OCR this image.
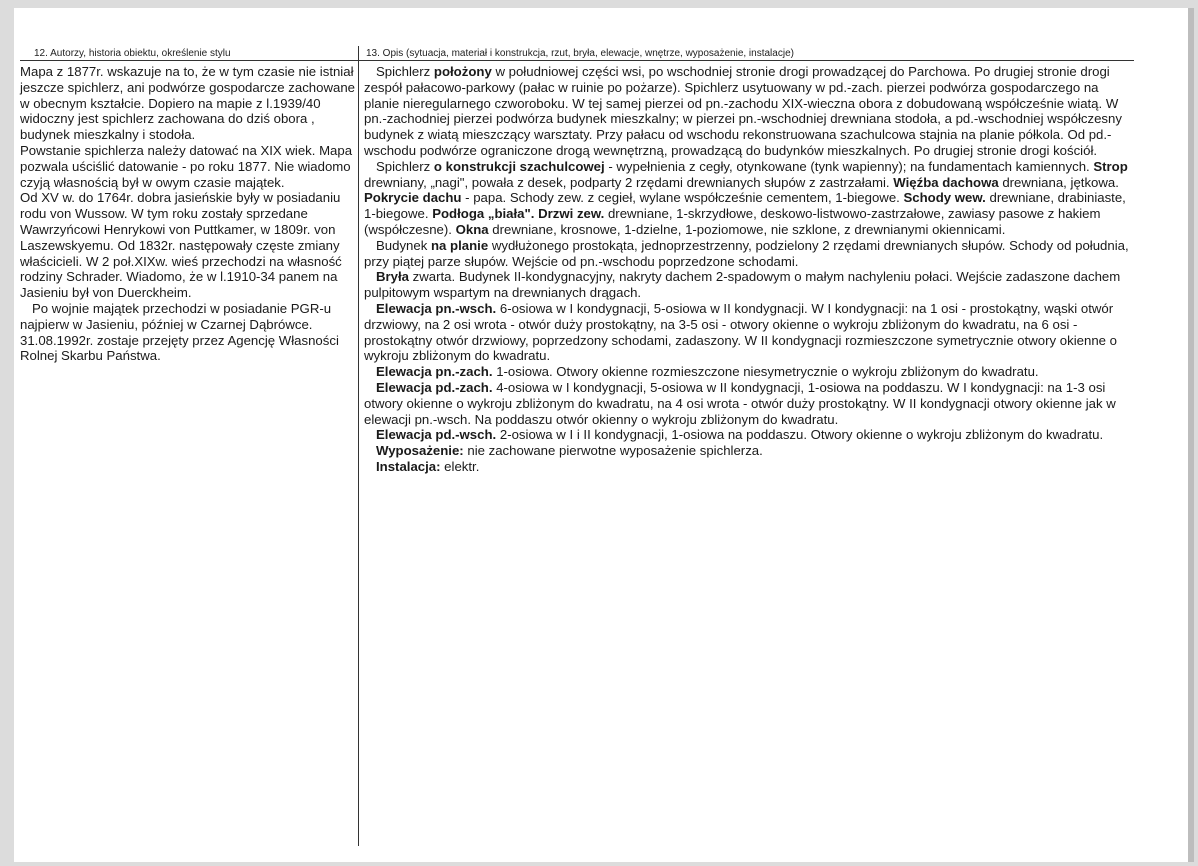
12. Autorzy, historia obiektu, określenie stylu	13. Opis (sytuacja, materiał i konstrukcja, rzut, bryła, elewacje, wnętrze, wyposażenie, instalacje)

Mapa z 1877r. wskazuje na to, że w tym czasie nie istniał jeszcze spichlerz, ani podwórze gospodarcze zachowane w obecnym kształcie. Dopiero na mapie z l.1939/40 widoczny jest spichlerz zachowana do dziś obora , budynek mieszkalny i stodoła.

Powstanie spichlerza należy datować na XIX wiek. Mapa pozwala uściślić datowanie - po roku 1877. Nie wiadomo czyją własnością był w owym czasie majątek.

Od XV w. do 1764r. dobra jasieńskie były w posiadaniu rodu von Wussow. W tym roku zostały sprzedane Wawrzyńcowi Henrykowi von Puttkamer, w 1809r. von Laszewskyemu. Od 1832r. następowały częste zmiany właścicieli. W 2 poł.XIXw. wieś przechodzi na własność rodziny Schrader. Wiadomo, że w l.1910-34 panem na Jasieniu był von Duerckheim.

Po wojnie majątek przechodzi w posiadanie PGR-u najpierw w Jasieniu, później w Czarnej Dąbrówce. 31.08.1992r. zostaje przejęty przez Agencję Własności Rolnej Skarbu Państwa.

Spichlerz położony w południowej części wsi, po wschodniej stronie drogi prowadzącej do Parchowa. Po drugiej stronie drogi zespół pałacowo-parkowy (pałac w ruinie po pożarze). Spichlerz usytuowany w pd.-zach. pierzei podwórza gospodarczego na planie nieregularnego czworoboku. W tej samej pierzei od pn.-zachodu XIX-wieczna obora z dobudowaną współcześnie wiatą. W pn.-zachodniej pierzei podwórza budynek mieszkalny; w pierzei pn.-wschodniej drewniana stodoła, a pd.-wschodniej współczesny budynek z wiatą mieszczący warsztaty. Przy pałacu od wschodu rekonstruowana szachulcowa stajnia na planie półkola. Od pd.-wschodu podwórze ograniczone drogą wewnętrzną, prowadzącą do budynków mieszkalnych. Po drugiej stronie drogi kościół.

Spichlerz o konstrukcji szachulcowej - wypełnienia z cegły, otynkowane (tynk wapienny); na fundamentach kamiennych. Strop drewniany, „nagi", powała z desek, podparty 2 rzędami drewnianych słupów z zastrzałami. Więźba dachowa drewniana, jętkowa. Pokrycie dachu - papa. Schody zew. z cegieł, wylane współcześnie cementem, 1-biegowe. Schody wew. drewniane, drabiniaste, 1-biegowe. Podłoga „biała". Drzwi zew. drewniane, 1-skrzydłowe, deskowo-listwowo-zastrzałowe, zawiasy pasowe z hakiem (współczesne). Okna drewniane, krosnowe, 1-dzielne, 1-poziomowe, nie szklone, z drewnianymi okiennicami.

Budynek na planie wydłużonego prostokąta, jednoprzestrzenny, podzielony 2 rzędami drewnianych słupów. Schody od południa, przy piątej parze słupów. Wejście od pn.-wschodu poprzedzone schodami.

Bryła zwarta. Budynek II-kondygnacyjny, nakryty dachem 2-spadowym o małym nachyleniu połaci. Wejście zadaszone dachem pulpitowym wspartym na drewnianych drągach.

Elewacja pn.-wsch. 6-osiowa w I kondygnacji, 5-osiowa w II kondygnacji. W I kondygnacji: na 1 osi - prostokątny, wąski otwór drzwiowy, na 2 osi wrota - otwór duży prostokątny, na 3-5 osi - otwory okienne o wykroju zbliżonym do kwadratu, na 6 osi - prostokątny otwór drzwiowy, poprzedzony schodami, zadaszony. W II kondygnacji rozmieszczone symetrycznie otwory okienne o wykroju zbliżonym do kwadratu.

Elewacja pn.-zach. 1-osiowa. Otwory okienne rozmieszczone niesymetrycznie o wykroju zbliżonym do kwadratu.

Elewacja pd.-zach. 4-osiowa w I kondygnacji, 5-osiowa w II kondygnacji, 1-osiowa na poddaszu. W I kondygnacji: na 1-3 osi otwory okienne o wykroju zbliżonym do kwadratu, na 4 osi wrota - otwór duży prostokątny. W II kondygnacji otwory okienne jak w elewacji pn.-wsch. Na poddaszu otwór okienny o wykroju zbliżonym do kwadratu.

Elewacja pd.-wsch. 2-osiowa w I i II kondygnacji, 1-osiowa na poddaszu. Otwory okienne o wykroju zbliżonym do kwadratu.

Wyposażenie: nie zachowane pierwotne wyposażenie spichlerza.

Instalacja: elektr.
